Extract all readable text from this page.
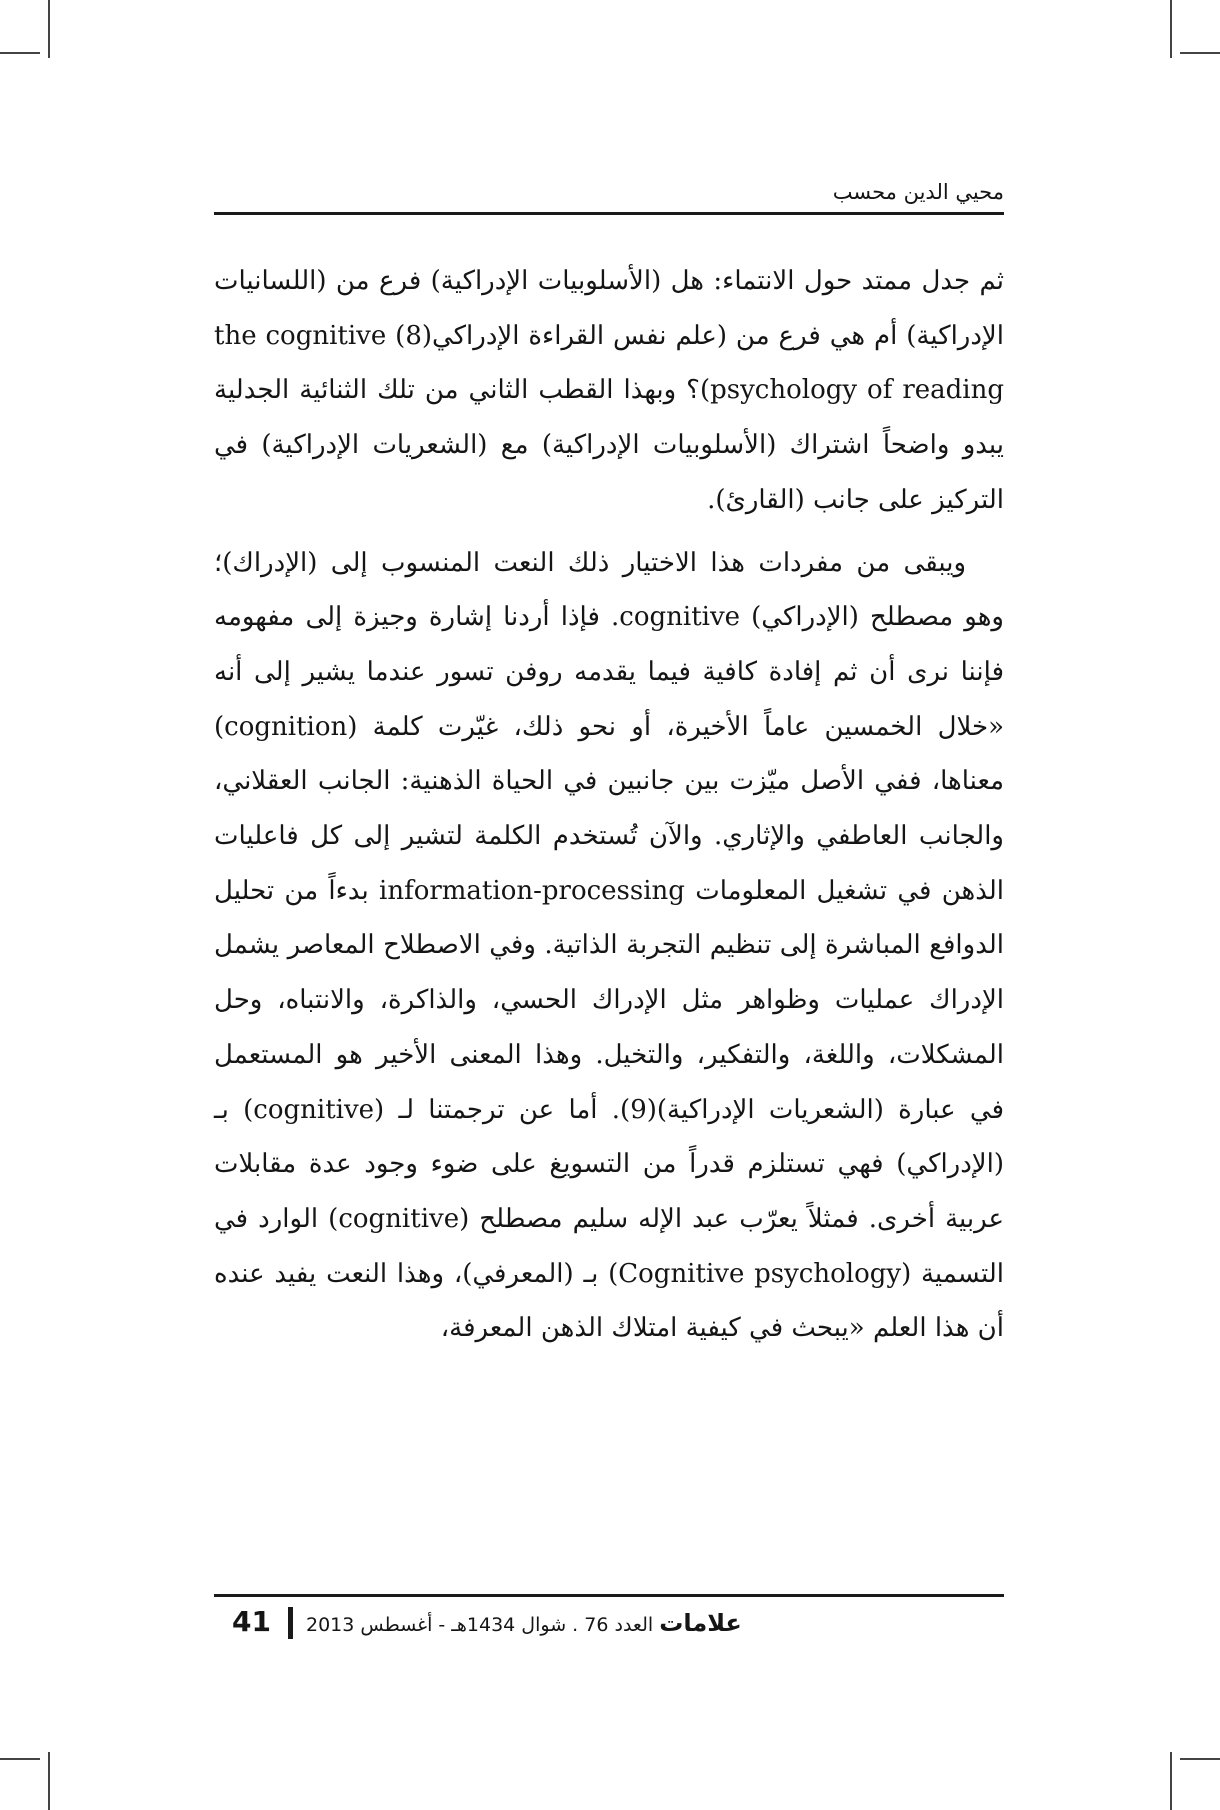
محيي الدين محسب

ثم جدل ممتد حول الانتماء: هل (الأسلوبيات الإدراكية) فرع من (اللسانيات الإدراكية) أم هي فرع من (علم نفس القراءة الإدراكي(8) the cognitive psychology of reading)؟ وبهذا القطب الثاني من تلك الثنائية الجدلية يبدو واضحاً اشتراك (الأسلوبيات الإدراكية) مع (الشعريات الإدراكية) في التركيز على جانب (القارئ).

ويبقى من مفردات هذا الاختيار ذلك النعت المنسوب إلى (الإدراك)؛ وهو مصطلح (الإدراكي) cognitive. فإذا أردنا إشارة وجيزة إلى مفهومه فإننا نرى أن ثم إفادة كافية فيما يقدمه روفن تسور عندما يشير إلى أنه «خلال الخمسين عاماً الأخيرة، أو نحو ذلك، غيّرت كلمة (cognition) معناها، ففي الأصل ميّزت بين جانبين في الحياة الذهنية: الجانب العقلاني، والجانب العاطفي والإثاري. والآن تُستخدم الكلمة لتشير إلى كل فاعليات الذهن في تشغيل المعلومات information-processing بدءاً من تحليل الدوافع المباشرة إلى تنظيم التجربة الذاتية. وفي الاصطلاح المعاصر يشمل الإدراك عمليات وظواهر مثل الإدراك الحسي، والذاكرة، والانتباه، وحل المشكلات، واللغة، والتفكير، والتخيل. وهذا المعنى الأخير هو المستعمل في عبارة (الشعريات الإدراكية)(9). أما عن ترجمتنا لـ (cognitive) بـ (الإدراكي) فهي تستلزم قدراً من التسويغ على ضوء وجود عدة مقابلات عربية أخرى. فمثلاً يعرّب عبد الإله سليم مصطلح (cognitive) الوارد في التسمية (Cognitive psychology) بـ (المعرفي)، وهذا النعت يفيد عنده أن هذا العلم «يبحث في كيفية امتلاك الذهن المعرفة،

41	علامات العدد 76 . شوال 1434هـ - أغسطس 2013
